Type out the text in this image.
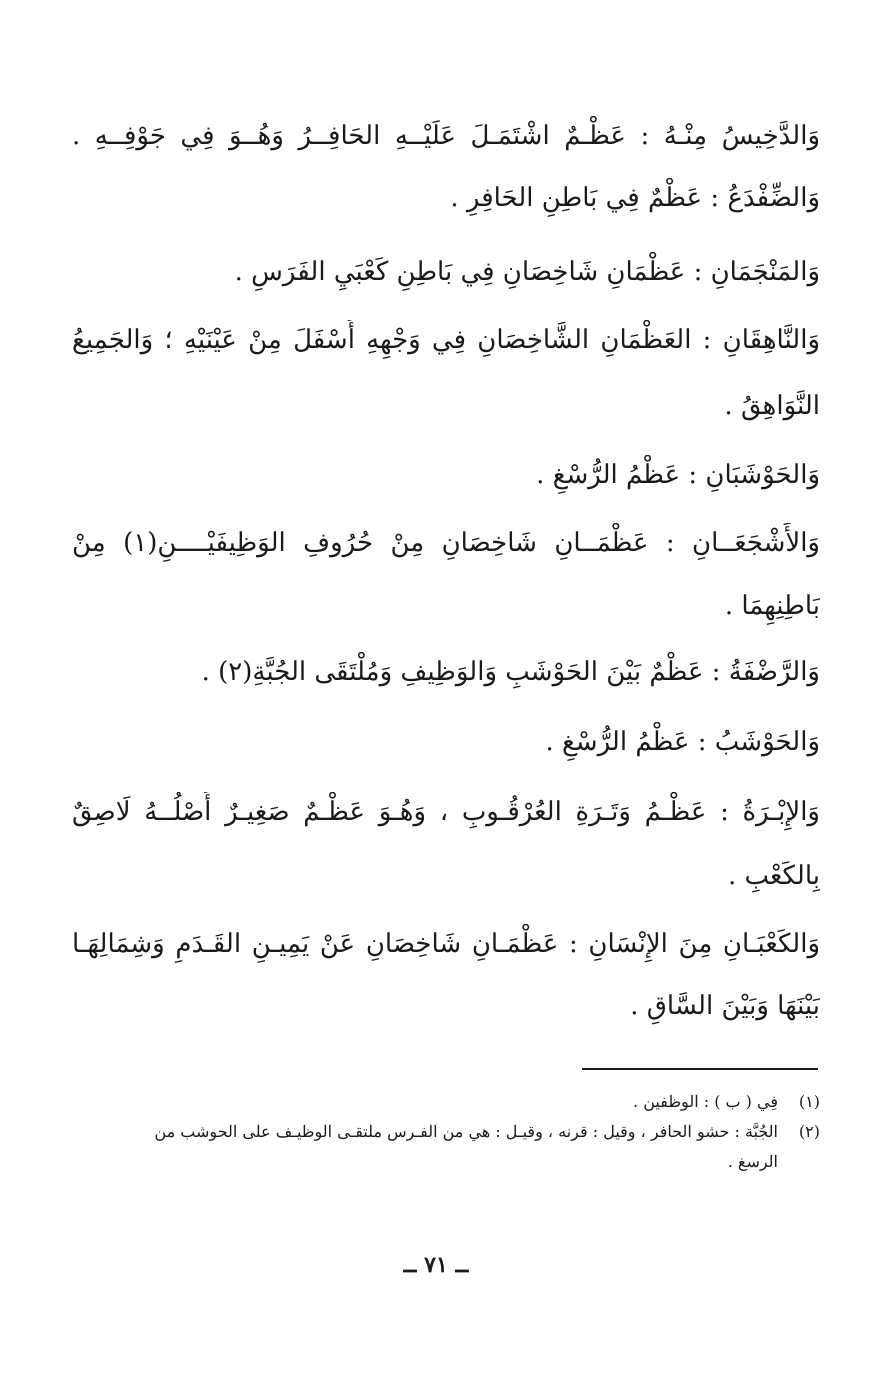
وَالدَّخِيسُ مِنْـهُ : عَظْـمٌ اشْتَمَـلَ عَلَيْــهِ الحَافِــرُ وَهُــوَ فِي جَوْفِــهِ .
وَالضِّفْدَعُ : عَظْمٌ فِي بَاطِنِ الحَافِرِ .
وَالمَنْجَمَانِ : عَظْمَانِ شَاخِصَانِ فِي بَاطِنِ كَعْبَيِ الفَرَسِ .
وَالنَّاهِقَانِ : العَظْمَانِ الشَّاخِصَانِ فِي وَجْهِهِ أَسْفَلَ مِنْ عَيْنَيْهِ ؛ وَالجَمِيعُ
النَّوَاهِقُ .
وَالحَوْشَبَانِ : عَظْمُ الرُّسْغِ .
وَالأَشْجَعَــانِ : عَظْمَــانِ شَاخِصَانِ مِنْ حُرُوفِ الوَظِيفَيْــــنِ(١) مِنْ
بَاطِنِهِمَا .
وَالرَّضْفَةُ : عَظْمٌ بَيْنَ الحَوْشَبِ وَالوَظِيفِ وَمُلْتَقَى الجُبَّةِ(٢) .
وَالحَوْشَبُ : عَظْمُ الرُّسْغِ .
وَالإِبْـرَةُ : عَظْـمُ وَتَـرَةِ العُرْقُـوبِ ، وَهُـوَ عَظْـمٌ صَغِيـرٌ أَصْلُــهُ لَاصِقٌ
بِالكَعْبِ .
وَالكَعْبَـانِ مِنَ الإِنْسَانِ : عَظْمَـانِ شَاخِصَانِ عَنْ يَمِيـنِ القَـدَمِ وَشِمَالِهَـا
بَيْنَهَا وَبَيْنَ السَّاقِ .
(١)فِي ( ب ) : الوظفين .
(٢)الجُبَّة : حشو الحافر ، وقيل : قرنه ، وقيـل : هي من الفـرس ملتقـى الوظيـف على الحوشب من
الرسغ .
ــ ٧١ ــ
